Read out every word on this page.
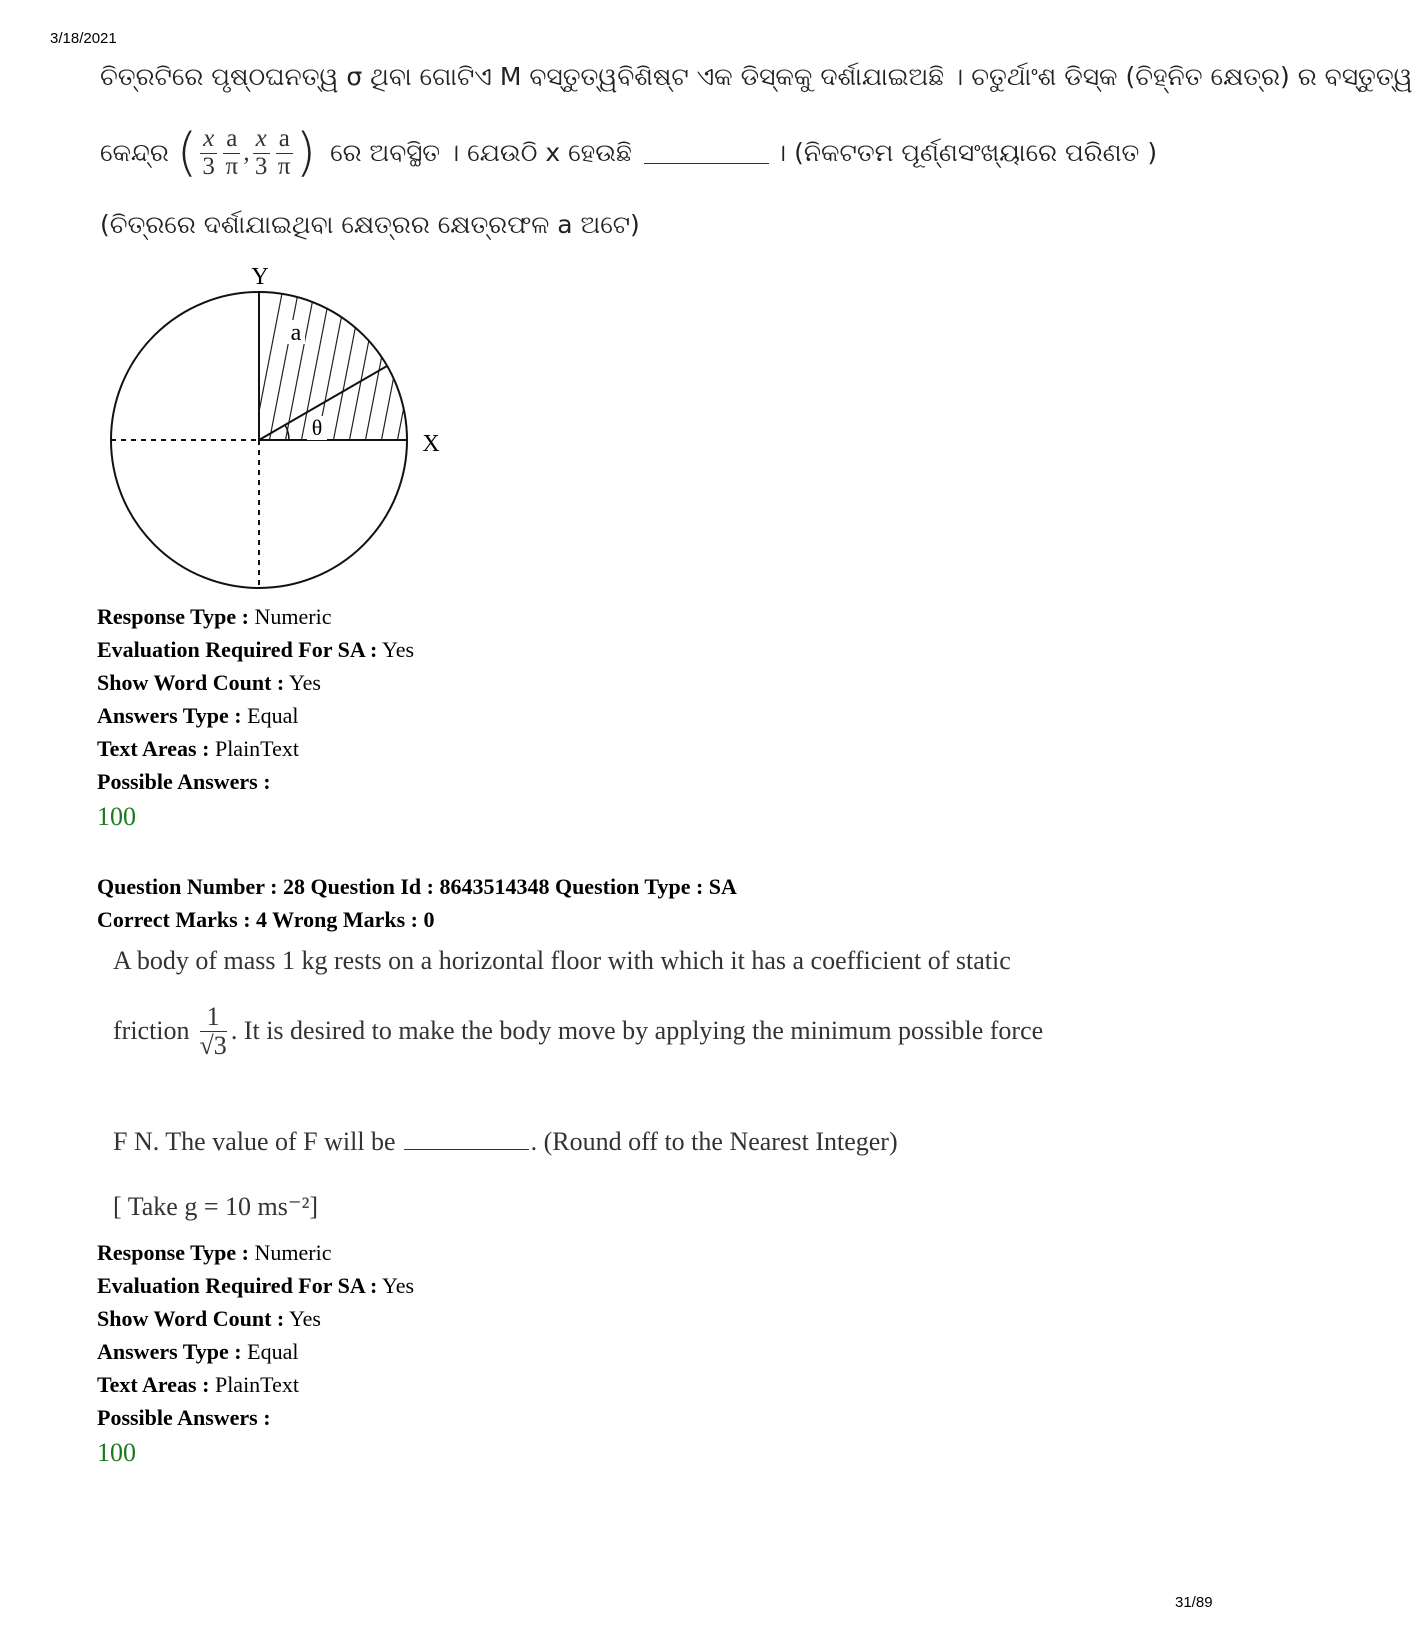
3/18/2021
31/89
ଚିତ୍ରଟିରେ ପୃଷ୍ଠଘନତ୍ୱ σ ଥିବା ଗୋଟିଏ M ବସ୍ତୁତ୍ୱବିଶିଷ୍ଟ ଏକ ଡିସ୍କକୁ ଦର୍ଶାଯାଇଅଛି । ଚତୁର୍ଥାଂଶ ଡିସ୍କ (ଚିହ୍ନିତ କ୍ଷେତ୍ର) ର ବସ୍ତୁତ୍ୱ
କେନ୍ଦ୍ର ( $\frac{x}{3} \frac{a}{\pi}$ , $\frac{x}{3} \frac{a}{\pi}$ ) ରେ ଅବସ୍ଥିତ । ଯେଉଠି x ହେଉଛି	। (ନିକଟତମ ପୂର୍ଣ୍ଣସଂଖ୍ୟାରେ ପରିଣତ )
(ଚିତ୍ରରେ ଦର୍ଶାଯାଇଥିବା କ୍ଷେତ୍ରର କ୍ଷେତ୍ରଫଳ a ଅଟେ)
θ
a
Y
X
Response Type : Numeric
Evaluation Required For SA : Yes
Show Word Count : Yes
Answers Type : Equal
Text Areas : PlainText
Possible Answers :
100
Question Number : 28 Question Id : 8643514348 Question Type : SA
Correct Marks : 4 Wrong Marks : 0
A body of mass 1 kg rests on a horizontal floor with which it has a coefficient of static
friction $\frac{1}{√3}$ . It is desired to make the body move by applying the minimum possible force
F N. The value of F will be	. (Round off to the Nearest Integer)
[ Take g = 10 ms⁻²]
Response Type : Numeric
Evaluation Required For SA : Yes
Show Word Count : Yes
Answers Type : Equal
Text Areas : PlainText
Possible Answers :
100
